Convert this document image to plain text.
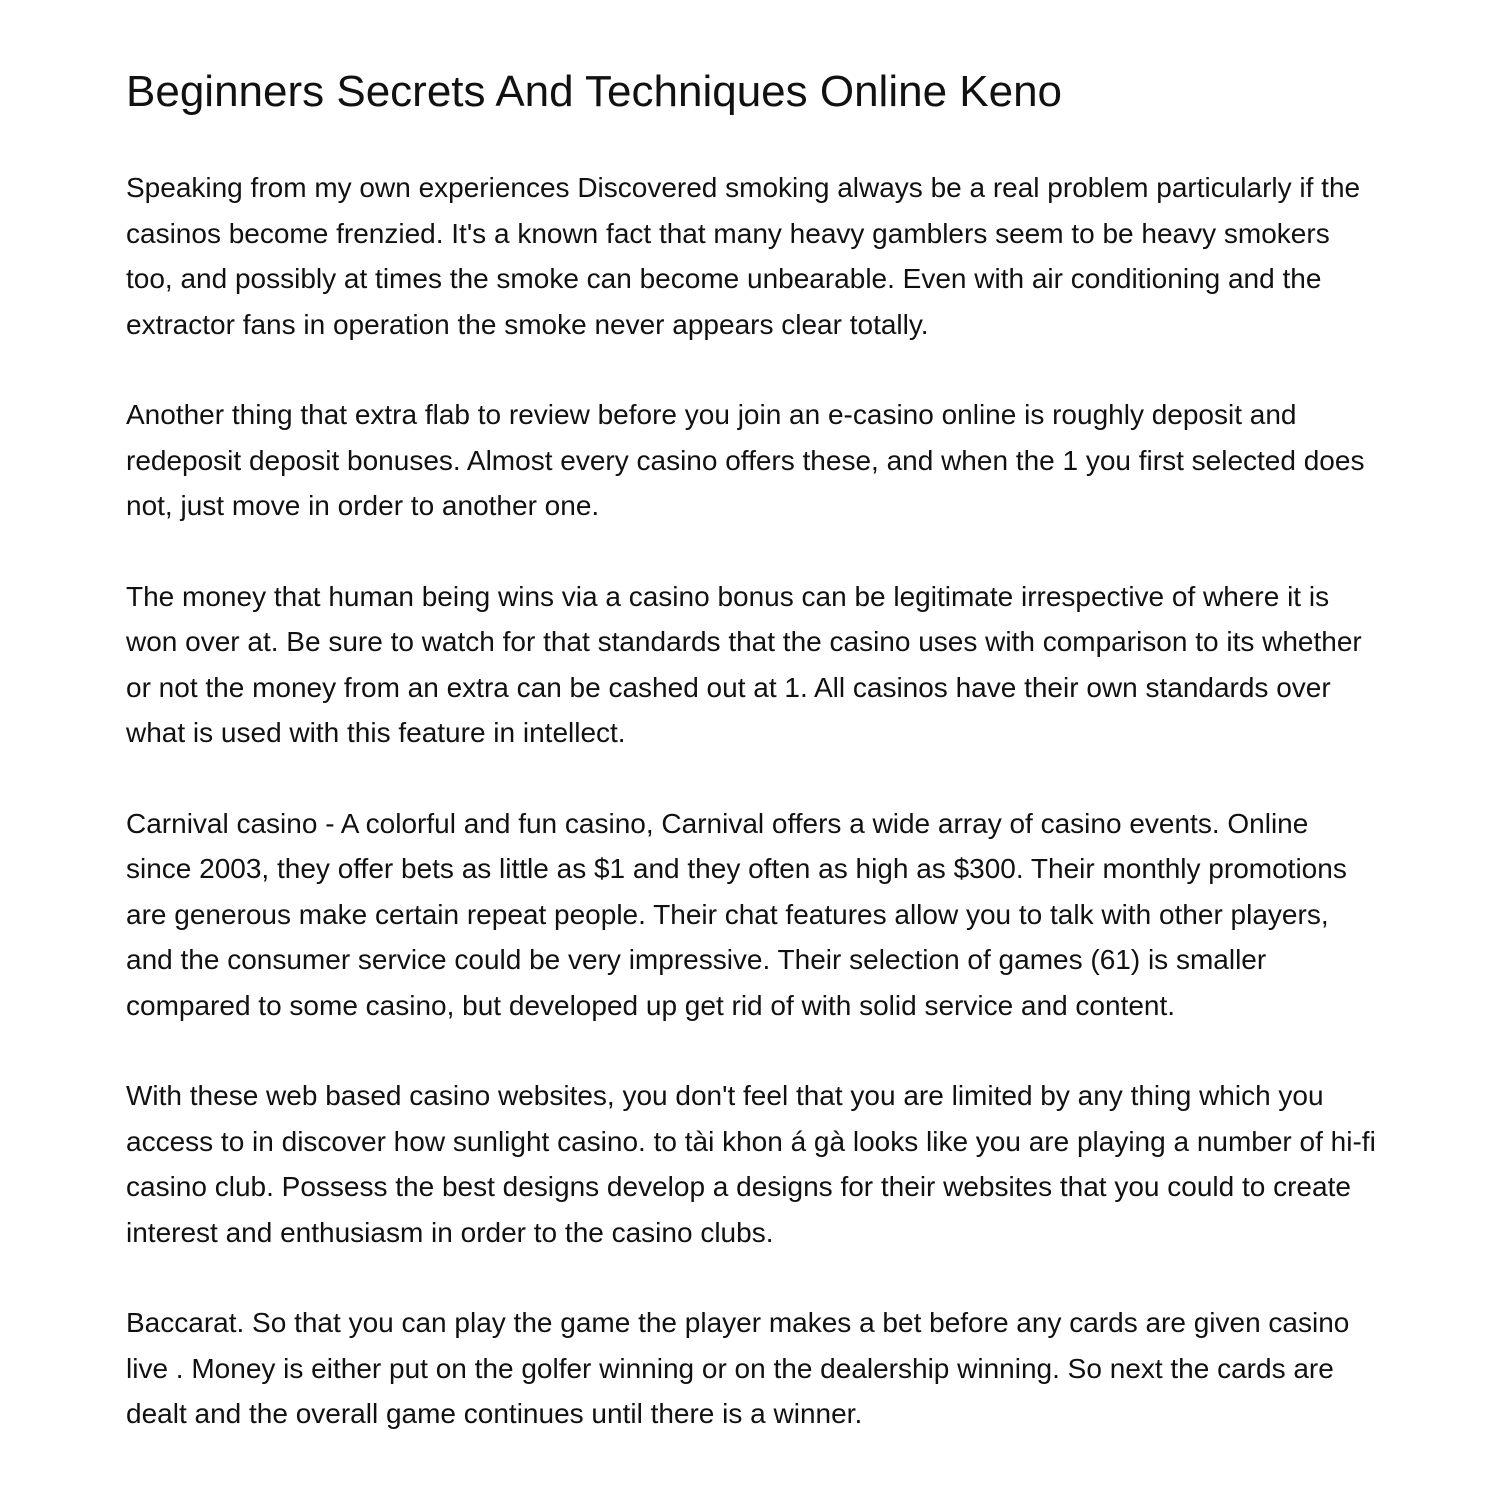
Beginners Secrets And Techniques Online Keno

Speaking from my own experiences Discovered smoking always be a real problem particularly if the casinos become frenzied. It's a known fact that many heavy gamblers seem to be heavy smokers too, and possibly at times the smoke can become unbearable. Even with air conditioning and the extractor fans in operation the smoke never appears clear totally.

Another thing that extra flab to review before you join an e-casino online is roughly deposit and redeposit deposit bonuses. Almost every casino offers these, and when the 1 you first selected does not, just move in order to another one.

The money that human being wins via a casino bonus can be legitimate irrespective of where it is won over at. Be sure to watch for that standards that the casino uses with comparison to its whether or not the money from an extra can be cashed out at 1. All casinos have their own standards over what is used with this feature in intellect.

Carnival casino - A colorful and fun casino, Carnival offers a wide array of casino events. Online since 2003, they offer bets as little as $1 and they often as high as $300. Their monthly promotions are generous make certain repeat people. Their chat features allow you to talk with other players, and the consumer service could be very impressive. Their selection of games (61) is smaller compared to some casino, but developed up get rid of with solid service and content.

With these web based casino websites, you don't feel that you are limited by any thing which you access to in discover how sunlight casino. to tài khon á gà looks like you are playing a number of hi-fi casino club. Possess the best designs develop a designs for their websites that you could to create interest and enthusiasm in order to the casino clubs.

Baccarat. So that you can play the game the player makes a bet before any cards are given casino live . Money is either put on the golfer winning or on the dealership winning. So next the cards are dealt and the overall game continues until there is a winner.
